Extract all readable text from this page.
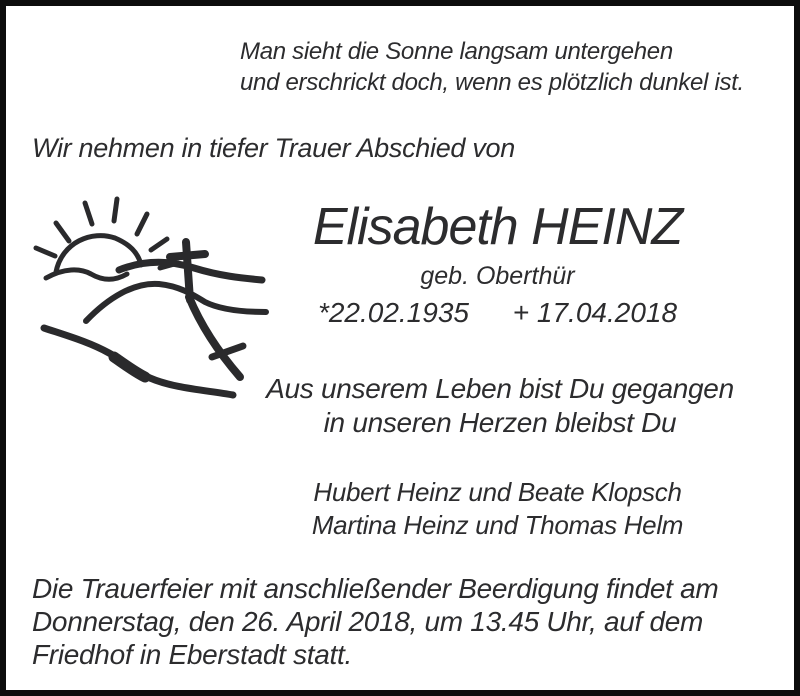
Man sieht die Sonne langsam untergehen
und erschrickt doch, wenn es plötzlich dunkel ist.
Wir nehmen in tiefer Trauer Abschied von
Elisabeth HEINZ
geb. Oberthür
*22.02.1935 + 17.04.2018
Aus unserem Leben bist Du gegangen
in unseren Herzen bleibst Du
Hubert Heinz und Beate Klopsch
Martina Heinz und Thomas Helm
Die Trauerfeier mit anschließender Beerdigung findet am
Donnerstag, den 26. April 2018, um 13.45 Uhr, auf dem
Friedhof in Eberstadt statt.
